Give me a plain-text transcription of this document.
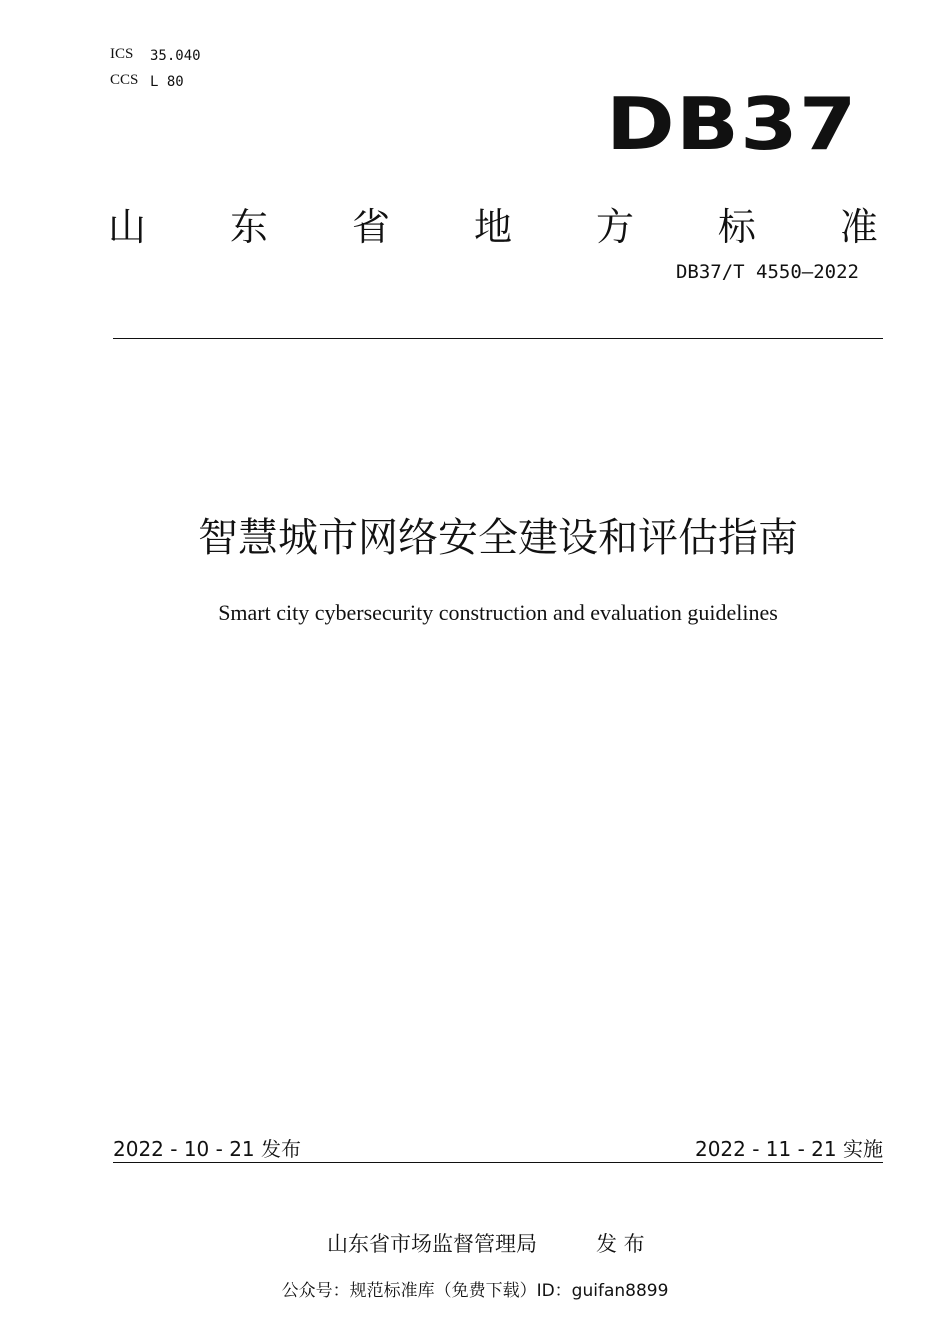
ICS 35.040
CCS L 80	DB37
山 东 省 地 方 标 准
DB37/T 4550—2022
智慧城市网络安全建设和评估指南
Smart city cybersecurity construction and evaluation guidelines
2022 - 10 - 21 发布	2022 - 11 - 21 实施
山东省市场监督管理局	发 布
公众号：规范标准库（免费下载）ID：guifan8899
